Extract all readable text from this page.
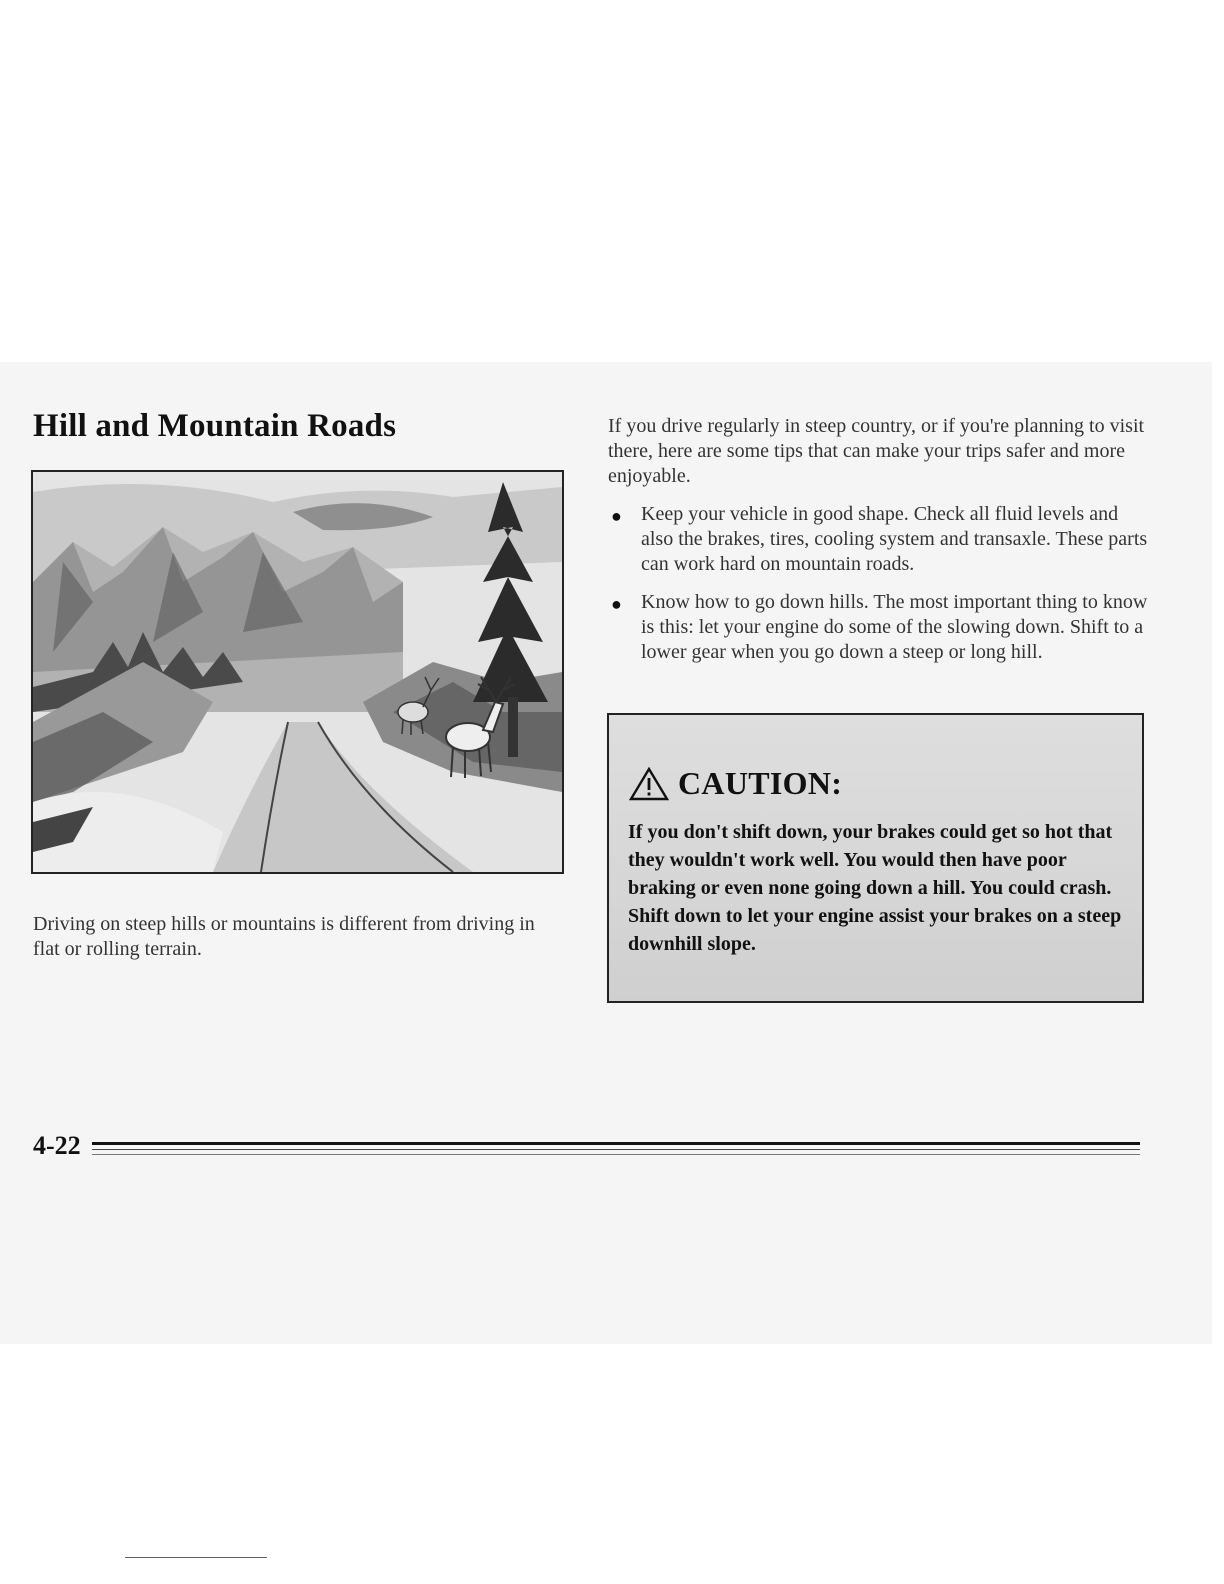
Hill and Mountain Roads

Driving on steep hills or mountains is different from driving in flat or rolling terrain.

If you drive regularly in steep country, or if you're planning to visit there, here are some tips that can make your trips safer and more enjoyable.

● Keep your vehicle in good shape. Check all fluid levels and also the brakes, tires, cooling system and transaxle. These parts can work hard on mountain roads.
● Know how to go down hills. The most important thing to know is this: let your engine do some of the slowing down. Shift to a lower gear when you go down a steep or long hill.
CAUTION:

If you don't shift down, your brakes could get so hot that they wouldn't work well. You would then have poor braking or even none going down a hill. You could crash. Shift down to let your engine assist your brakes on a steep downhill slope.

4-22
